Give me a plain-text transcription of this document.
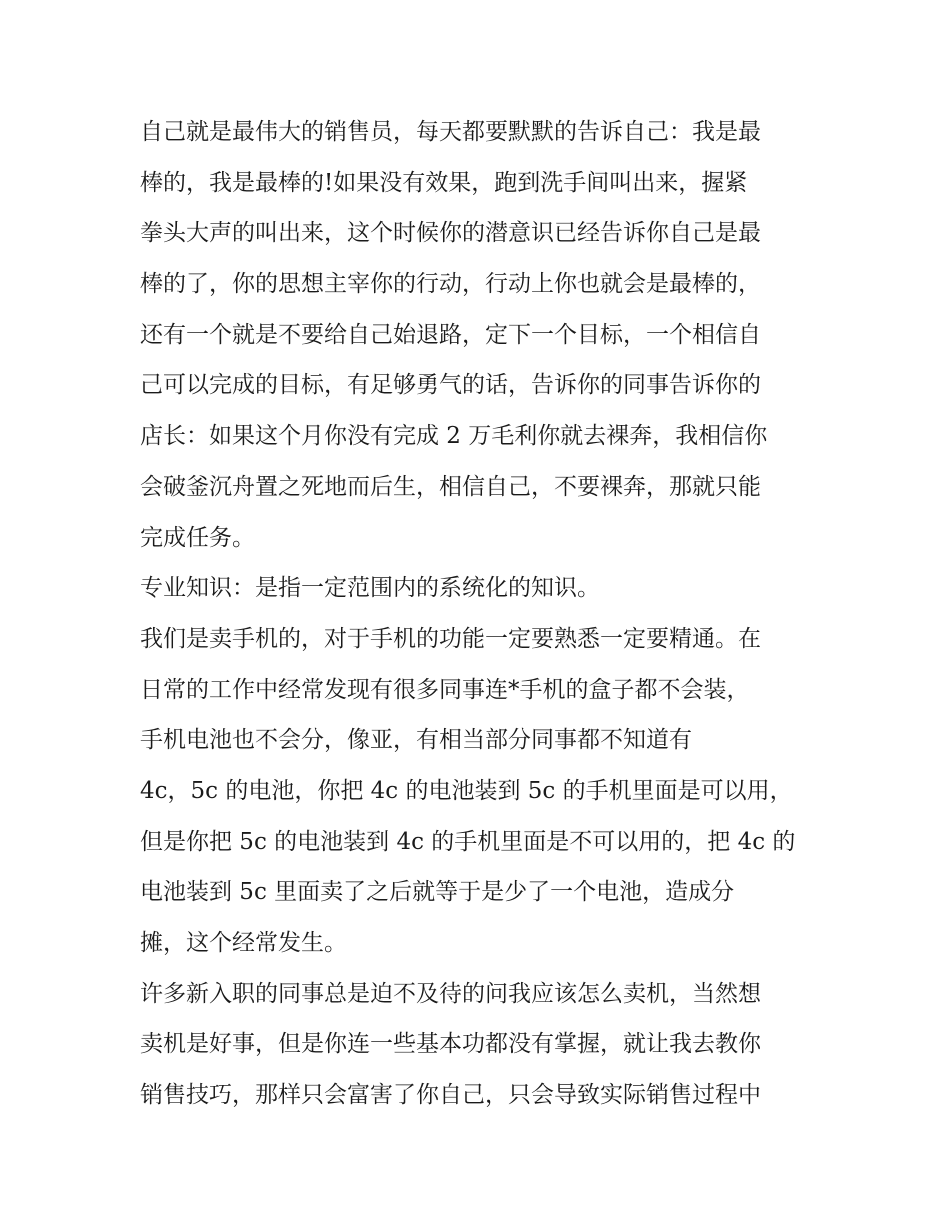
自己就是最伟大的销售员，每天都要默默的告诉自己：我是最
棒的，我是最棒的!如果没有效果，跑到洗手间叫出来，握紧
拳头大声的叫出来，这个时候你的潜意识已经告诉你自己是最
棒的了，你的思想主宰你的行动，行动上你也就会是最棒的，
还有一个就是不要给自己始退路，定下一个目标，一个相信自
己可以完成的目标，有足够勇气的话，告诉你的同事告诉你的
店长：如果这个月你没有完成 2 万毛利你就去裸奔，我相信你
会破釜沉舟置之死地而后生，相信自己，不要裸奔，那就只能
完成任务。
专业知识：是指一定范围内的系统化的知识。
我们是卖手机的，对于手机的功能一定要熟悉一定要精通。在
日常的工作中经常发现有很多同事连*手机的盒子都不会装，
手机电池也不会分，像亚，有相当部分同事都不知道有
4c，5c 的电池，你把 4c 的电池装到 5c 的手机里面是可以用，
但是你把 5c 的电池装到 4c 的手机里面是不可以用的，把 4c 的
电池装到 5c 里面卖了之后就等于是少了一个电池，造成分
摊，这个经常发生。
许多新入职的同事总是迫不及待的问我应该怎么卖机，当然想
卖机是好事，但是你连一些基本功都没有掌握，就让我去教你
销售技巧，那样只会富害了你自己，只会导致实际销售过程中
